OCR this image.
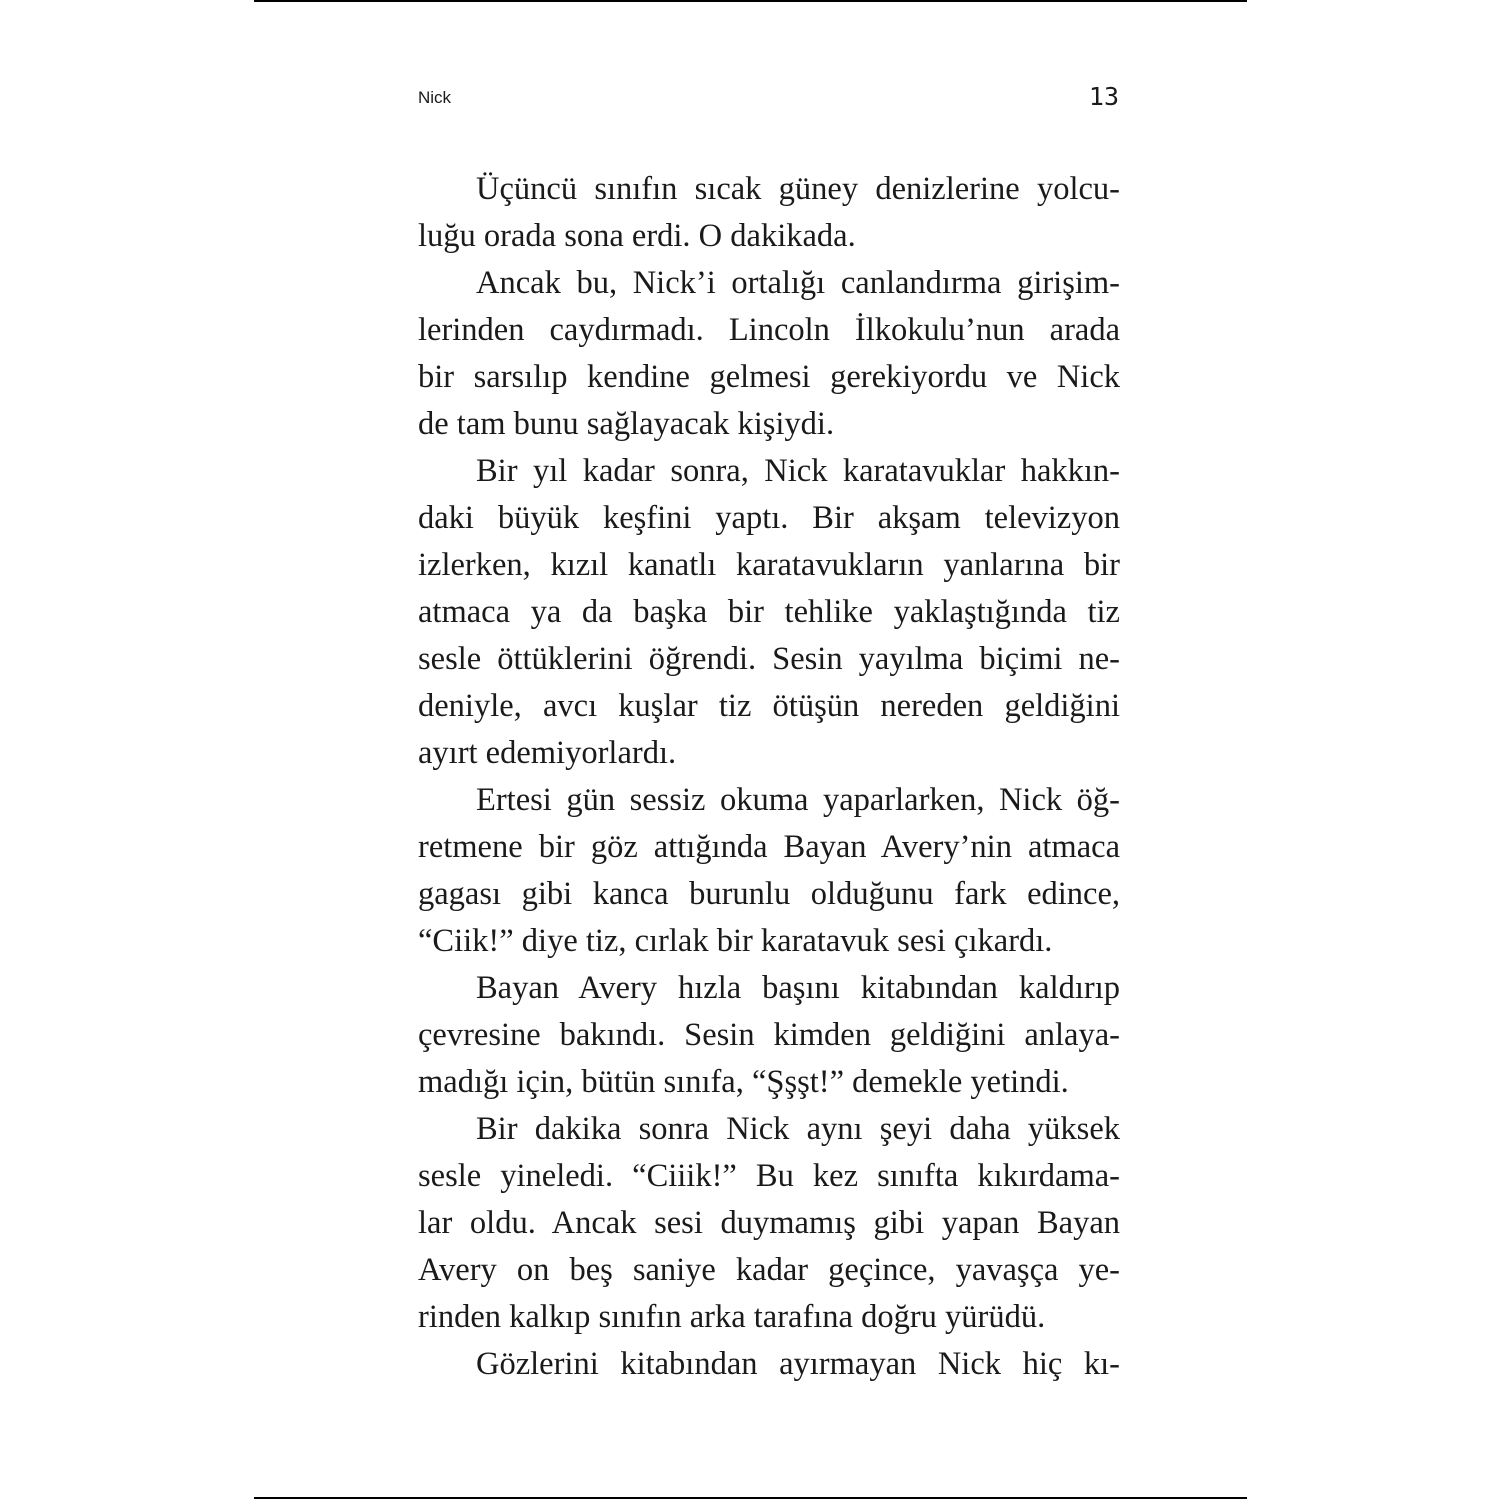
Nick	13
Üçüncü sınıfın sıcak güney denizlerine yolcu-
luğu orada sona erdi. O dakikada.
Ancak bu, Nick’i ortalığı canlandırma girişim-
lerinden caydırmadı. Lincoln İlkokulu’nun arada
bir sarsılıp kendine gelmesi gerekiyordu ve Nick
de tam bunu sağlayacak kişiydi.
Bir yıl kadar sonra, Nick karatavuklar hakkın-
daki büyük keşfini yaptı. Bir akşam televizyon
izlerken, kızıl kanatlı karatavukların yanlarına bir
atmaca ya da başka bir tehlike yaklaştığında tiz
sesle öttüklerini öğrendi. Sesin yayılma biçimi ne-
deniyle, avcı kuşlar tiz ötüşün nereden geldiğini
ayırt edemiyorlardı.
Ertesi gün sessiz okuma yaparlarken, Nick öğ-
retmene bir göz attığında Bayan Avery’nin atmaca
gagası gibi kanca burunlu olduğunu fark edince,
“Ciik!” diye tiz, cırlak bir karatavuk sesi çıkardı.
Bayan Avery hızla başını kitabından kaldırıp
çevresine bakındı. Sesin kimden geldiğini anlaya-
madığı için, bütün sınıfa, “Şşşt!” demekle yetindi.
Bir dakika sonra Nick aynı şeyi daha yüksek
sesle yineledi. “Ciiik!” Bu kez sınıfta kıkırdama-
lar oldu. Ancak sesi duymamış gibi yapan Bayan
Avery on beş saniye kadar geçince, yavaşça ye-
rinden kalkıp sınıfın arka tarafına doğru yürüdü.
Gözlerini kitabından ayırmayan Nick hiç kı-
